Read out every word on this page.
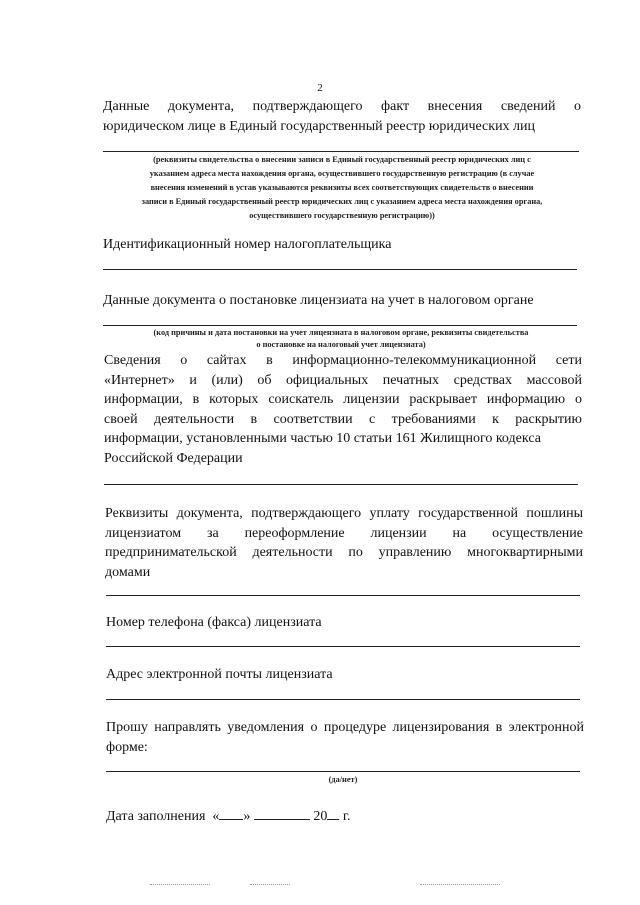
2
Данные документа, подтверждающего факт внесения сведений о
юридическом лице в Единый государственный реестр юридических лиц
(реквизиты свидетельства о внесении записи в Единый государственный реестр юридических лиц с
указанием адреса места нахождения органа, осуществившего государственную регистрацию (в случае
внесения изменений в устав указываются реквизиты всех соответствующих свидетельств о внесении
записи в Единый государственный реестр юридических лиц с указанием адреса места нахождения органа,
осуществившего государственную регистрацию))
Идентификационный номер налогоплательщика
Данные документа о постановке лицензиата на учет в налоговом органе
(код причины и дата постановки на учет лицензиата в налоговом органе, реквизиты свидетельства
о постановке на налоговый учет лицензиата)
Сведения о сайтах в информационно-телекоммуникационной сети
«Интернет» и (или) об официальных печатных средствах массовой
информации, в которых соискатель лицензии раскрывает информацию о
своей деятельности в соответствии с требованиями к раскрытию
информации, установленными частью 10 статьи 161 Жилищного кодекса
Российской Федерации
Реквизиты документа, подтверждающего уплату государственной пошлины
лицензиатом за переоформление лицензии на осуществление
предпринимательской деятельности по управлению многоквартирными
домами
Номер телефона (факса) лицензиата
Адрес электронной почты лицензиата
Прошу направлять уведомления о процедуре лицензирования в электронной
форме:
(да/нет)
Дата заполнения « »	20 г.
